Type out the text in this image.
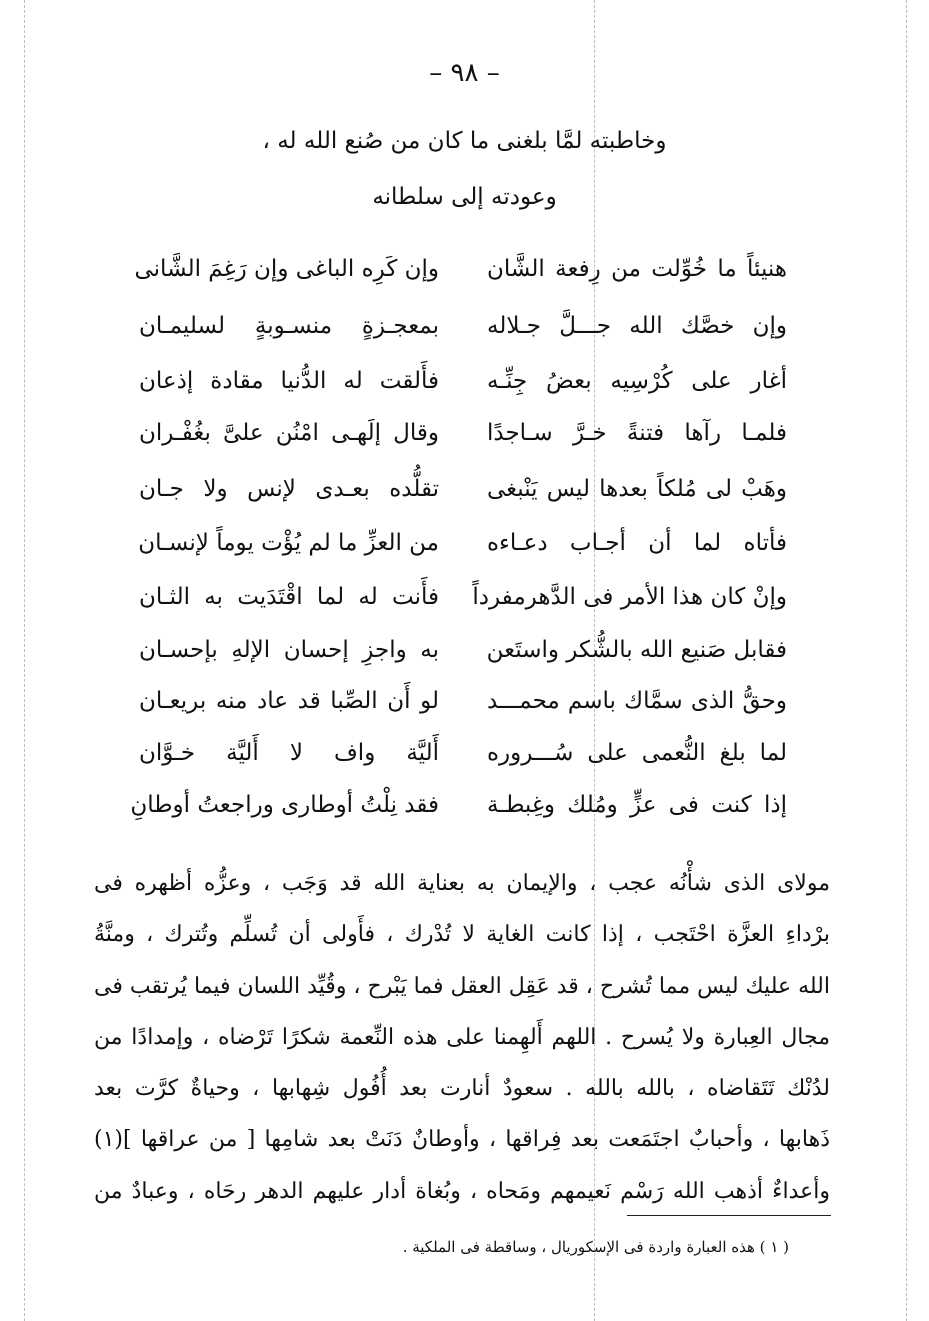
– ٩٨ –
وخاطبته لمَّا بلغنى ما كان من صُنع الله له ،
وعودته إلى سلطانه
هنيئاً ما خُوِّلت من رِفعة الشَّان
وإن كَرِه الباغى وإن رَغِمَ الشَّانى
وإن خصَّك الله جـــلَّ جـلاله
بمعجـزةٍ منسـوبةٍ لسليمـان
أغار على كُرْسِيه بعضُ جِنِّـه
فأَلقت له الدُّنيا مقادة إذعان
فلمـا رآها فتنةً خـرَّ سـاجدًا
وقال إلَهـى امْنُن علىَّ بغُفْـران
وهَبْ لى مُلكاً بعدها ليس يَنْبغى
تقلُّده بعـدى لإنس ولا جـان
فأتاه لما أن أجـاب دعـاءه
من العزِّ ما لم يُؤْت يوماً لإنسـان
وإنْ كان هذا الأمر فى الدَّهرمفرداً
فأَنت له لما اقْتَدَيت به الثـان
فقابل صَنيع الله بالشُّكر واستَعن
به واجزِ إحسان الإلهِ بإحسـان
وحقُّ الذى سمَّاك باسم محمـــد
لو أَن الصِّبا قد عاد منه بريعـان
لما بلغ النُّعمى على سُـــروره
أَليَّة واف لا أَليَّة خـوَّان
إذا كنت فى عزٍّ ومُلك وغِبطـة
فقد نِلْتُ أوطارى وراجعتُ أوطانِ
مولاى الذى شأْنُه عجب ، والإيمان به بعناية الله قد وَجَب ، وعزُّه أظهره فى
برْداءِ العزَّة احْتَجب ، إذا كانت الغاية لا تُدْرك ، فأَولى أن تُسلِّم وتُترك ، ومنَّةُ
الله عليك ليس مما تُشرح ، قد عَقِل العقل فما يَبْرح ، وقُيِّد اللسان فيما يُرتقب فى
مجال العِبارة ولا يُسرح . اللهم أَلهِمنا على هذه النِّعمة شكرًا تَرْضاه ، وإمدادًا من
لدُنْك تَتَقاضاه ، بالله بالله . سعودٌ أنارت بعد أُفُول شِهابها ، وحياةٌ كرَّت بعد
ذَهابها ، وأحبابٌ اجتَمَعت بعد فِراقها ، وأوطانٌ دَنَتْ بعد شامِها [ من عراقها ](١)
وأعداءٌ أذهب الله رَسْم نَعيمهم ومَحاه ، وبُغاة أدار عليهم الدهر رحَاه ، وعبادٌ من
( ١ ) هذه العبارة واردة فى الإسكوريال ، وساقطة فى الملكية .
